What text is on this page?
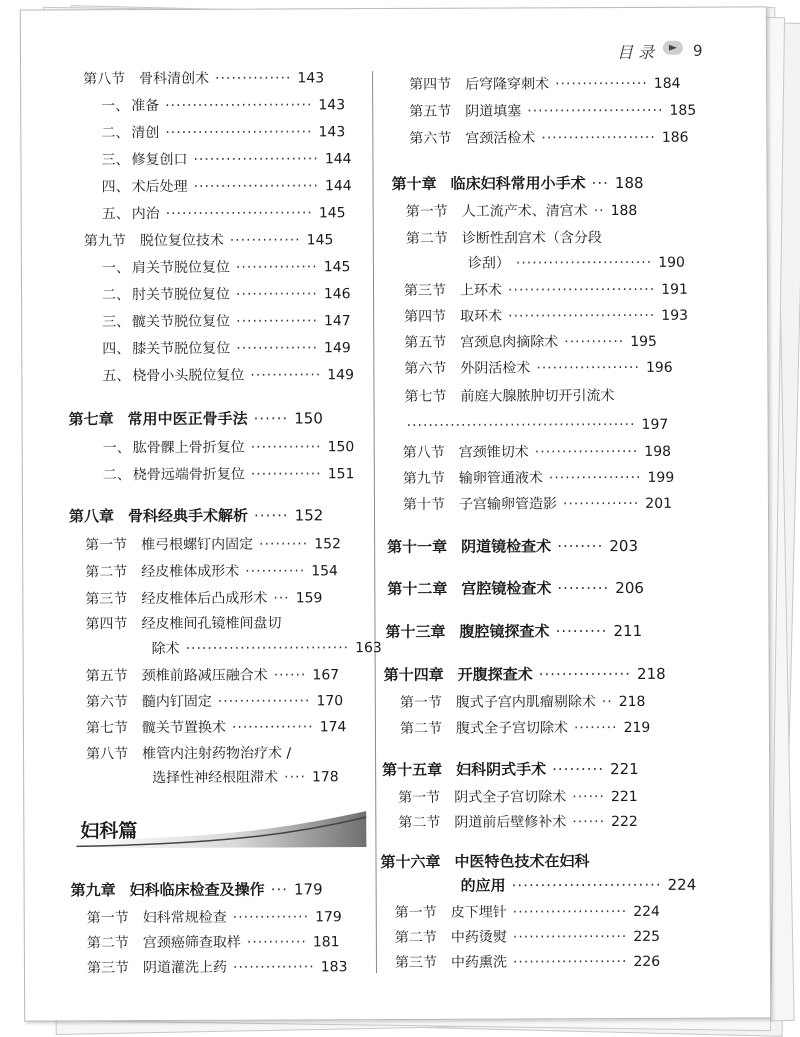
目 录	9
妇科篇
第八节 骨科清创术 ·············· 143
一、 准备 ··························· 143
二、 清创 ··························· 143
三、 修复创口 ······················· 144
四、 术后处理 ······················· 144
五、 内治 ··························· 145
第九节 脱位复位技术 ············· 145
一、 肩关节脱位复位 ··············· 145
二、 肘关节脱位复位 ··············· 146
三、 髋关节脱位复位 ··············· 147
四、 膝关节脱位复位 ··············· 149
五、 桡骨小头脱位复位 ············· 149
第七章 常用中医正骨手法 ······ 150
一、 肱骨髁上骨折复位 ············· 150
二、 桡骨远端骨折复位 ············· 151
第八章 骨科经典手术解析 ······ 152
第一节 椎弓根螺钉内固定 ········· 152
第二节 经皮椎体成形术 ··········· 154
第三节 经皮椎体后凸成形术 ··· 159
第四节 经皮椎间孔镜椎间盘切
除术 ······························ 163
第五节 颈椎前路减压融合术 ······ 167
第六节 髓内钉固定 ················· 170
第七节 髋关节置换术 ··············· 174
第八节 椎管内注射药物治疗术 /
选择性神经根阻滞术 ···· 178
第九章 妇科临床检查及操作 ··· 179
第一节 妇科常规检查 ·············· 179
第二节 宫颈癌筛查取样 ··········· 181
第三节 阴道灌洗上药 ··············· 183
第四节 后穹隆穿刺术 ················· 184
第五节 阴道填塞 ························· 185
第六节 宫颈活检术 ····················· 186
第十章 临床妇科常用小手术 ··· 188
第一节 人工流产术、清宫术 ·· 188
第二节 诊断性刮宫术（含分段
诊刮） ························· 190
第三节 上环术 ··························· 191
第四节 取环术 ··························· 193
第五节 宫颈息肉摘除术 ··········· 195
第六节 外阴活检术 ··················· 196
第七节 前庭大腺脓肿切开引流术
·········································· 197
第八节 宫颈锥切术 ··················· 198
第九节 输卵管通液术 ················· 199
第十节 子宫输卵管造影 ·············· 201
第十一章 阴道镜检查术 ········ 203
第十二章 宫腔镜检查术 ········· 206
第十三章 腹腔镜探查术 ········· 211
第十四章 开腹探查术 ················ 218
第一节 腹式子宫内肌瘤剔除术 ·· 218
第二节 腹式全子宫切除术 ········ 219
第十五章 妇科阴式手术 ········· 221
第一节 阴式全子宫切除术 ······ 221
第二节 阴道前后壁修补术 ······ 222
第十六章 中医特色技术在妇科
的应用 ·························· 224
第一节 皮下埋针 ····················· 224
第二节 中药烫熨 ····················· 225
第三节 中药熏洗 ····················· 226
